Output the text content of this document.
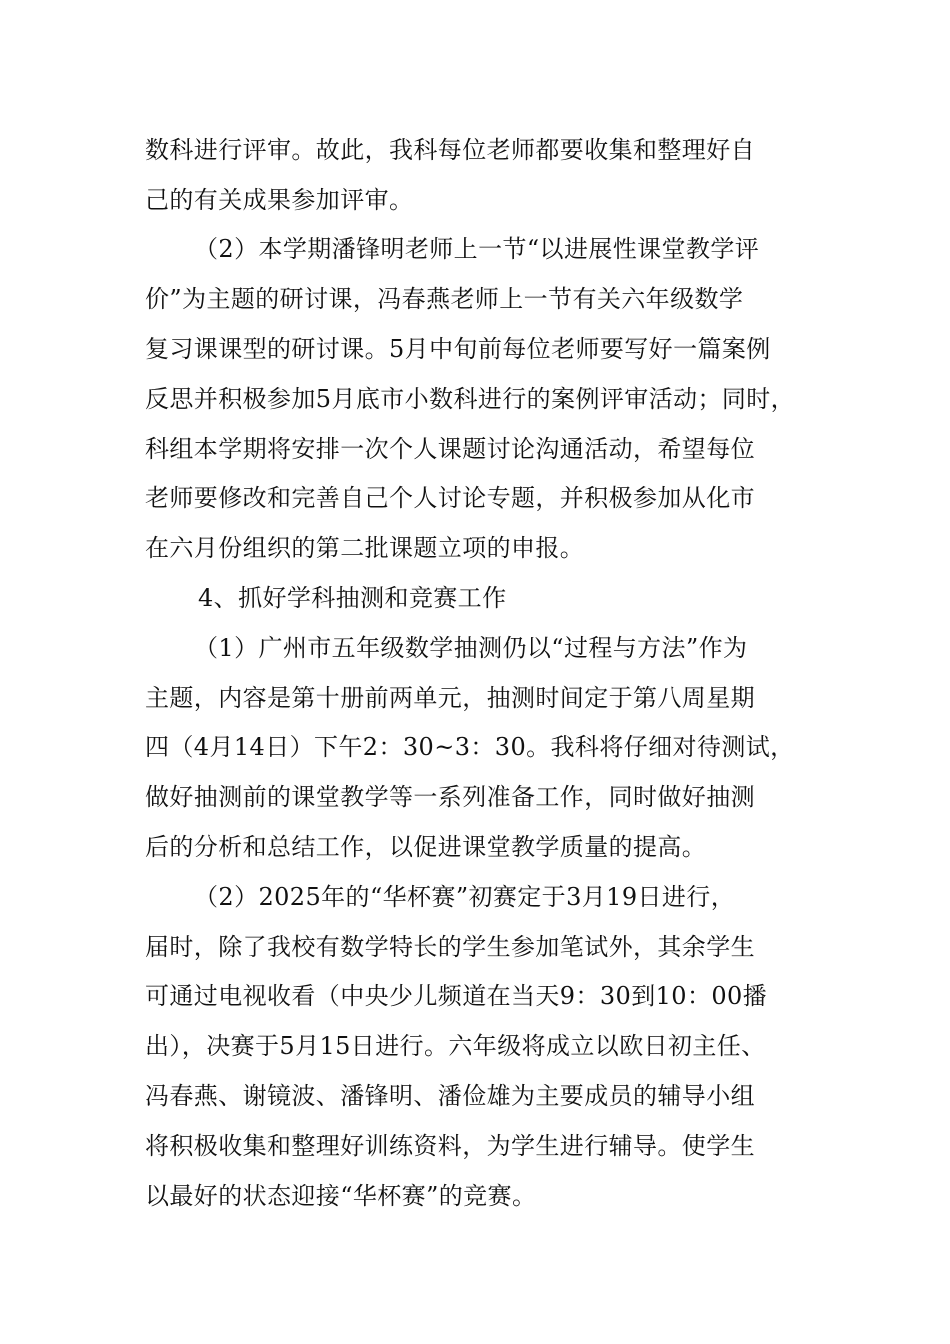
数科进行评审。故此，我科每位老师都要收集和整理好自
己的有关成果参加评审。
（2）本学期潘锋明老师上一节“以进展性课堂教学评
价”为主题的研讨课，冯春燕老师上一节有关六年级数学
复习课课型的研讨课。5月中旬前每位老师要写好一篇案例
反思并积极参加5月底市小数科进行的案例评审活动；同时，
科组本学期将安排一次个人课题讨论沟通活动，希望每位
老师要修改和完善自己个人讨论专题，并积极参加从化市
在六月份组织的第二批课题立项的申报。
4、抓好学科抽测和竞赛工作
（1）广州市五年级数学抽测仍以“过程与方法”作为
主题，内容是第十册前两单元，抽测时间定于第八周星期
四（4月14日）下午2：30~3：30。我科将仔细对待测试，
做好抽测前的课堂教学等一系列准备工作，同时做好抽测
后的分析和总结工作，以促进课堂教学质量的提高。
（2）2025年的“华杯赛”初赛定于3月19日进行，
届时，除了我校有数学特长的学生参加笔试外，其余学生
可通过电视收看（中央少儿频道在当天9：30到10：00播
出），决赛于5月15日进行。六年级将成立以欧日初主任、
冯春燕、谢镜波、潘锋明、潘俭雄为主要成员的辅导小组
将积极收集和整理好训练资料，为学生进行辅导。使学生
以最好的状态迎接“华杯赛”的竞赛。
